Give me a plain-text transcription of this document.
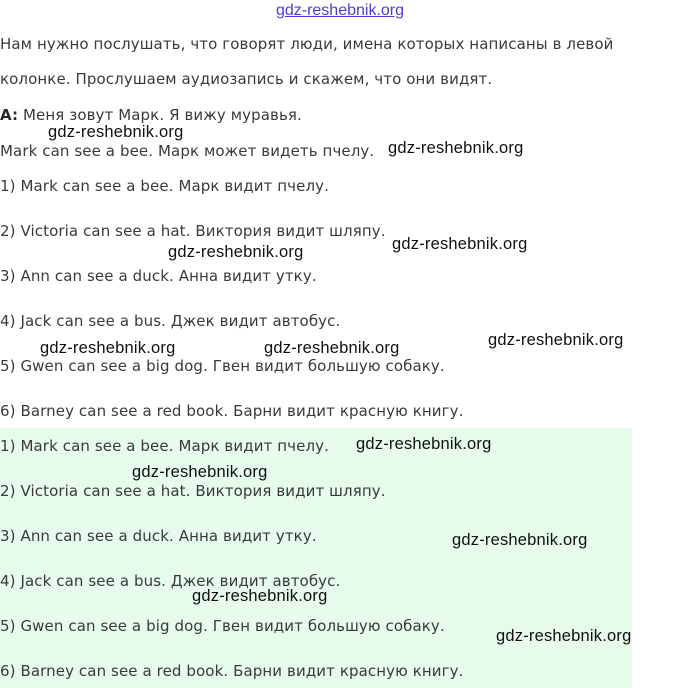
gdz-reshebnik.org
Нам нужно послушать, что говорят люди, имена которых написаны в левой
колонке. Прослушаем аудиозапись и скажем, что они видят.
A: Меня зовут Марк. Я вижу муравья.
Mark can see a bee. Марк может видеть пчелу.
1) Mark can see a bee. Марк видит пчелу.
2) Victoria can see a hat. Виктория видит шляпу.
3) Ann can see a duck. Анна видит утку.
4) Jack can see a bus. Джек видит автобус.
5) Gwen can see a big dog. Гвен видит большую собаку.
6) Barney can see a red book. Барни видит красную книгу.
1) Mark can see a bee. Марк видит пчелу.
2) Victoria can see a hat. Виктория видит шляпу.
3) Ann can see a duck. Анна видит утку.
4) Jack can see a bus. Джек видит автобус.
5) Gwen can see a big dog. Гвен видит большую собаку.
6) Barney can see a red book. Барни видит красную книгу.
gdz-reshebnik.org
gdz-reshebnik.org
gdz-reshebnik.org
gdz-reshebnik.org
gdz-reshebnik.org
gdz-reshebnik.org	gdz-reshebnik.org
gdz-reshebnik.org
gdz-reshebnik.org
gdz-reshebnik.org
gdz-reshebnik.org
gdz-reshebnik.org
